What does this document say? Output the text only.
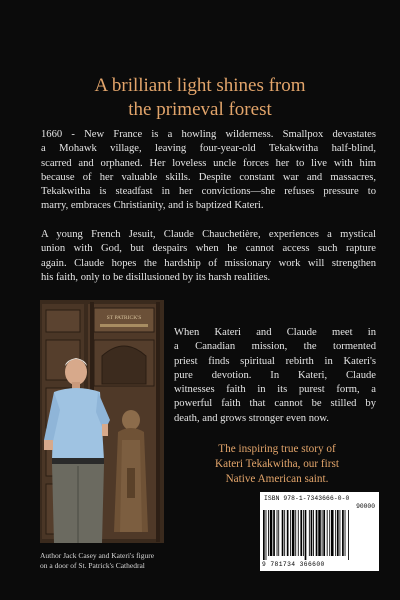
A brilliant light shines from
the primeval forest
1660 - New France is a howling wilderness. Smallpox devastates
a Mohawk village, leaving four-year-old Tekakwitha half-blind,
scarred and orphaned. Her loveless uncle forces her to live with him
because of her valuable skills. Despite constant war and massacres,
Tekakwitha is steadfast in her convictions—she refuses pressure to
marry, embraces Christianity, and is baptized Kateri.
A young French Jesuit, Claude Chauchetière, experiences a mystical
union with God, but despairs when he cannot access such rapture
again. Claude hopes the hardship of missionary work will strengthen
his faith, only to be disillusioned by its harsh realities.
ST PATRICK'S
When Kateri and Claude meet in
a Canadian mission, the tormented
priest finds spiritual rebirth in Kateri's
pure devotion. In Kateri, Claude
witnesses faith in its purest form, a
powerful faith that cannot be stilled by
death, and grows stronger even now.
The inspiring true story of
Kateri Tekakwitha, our first
Native American saint.
Author Jack Casey and Kateri's figure
on a door of St. Patrick's Cathedral
ISBN 978-1-7343666-0-0
90000
9 781734 366600
